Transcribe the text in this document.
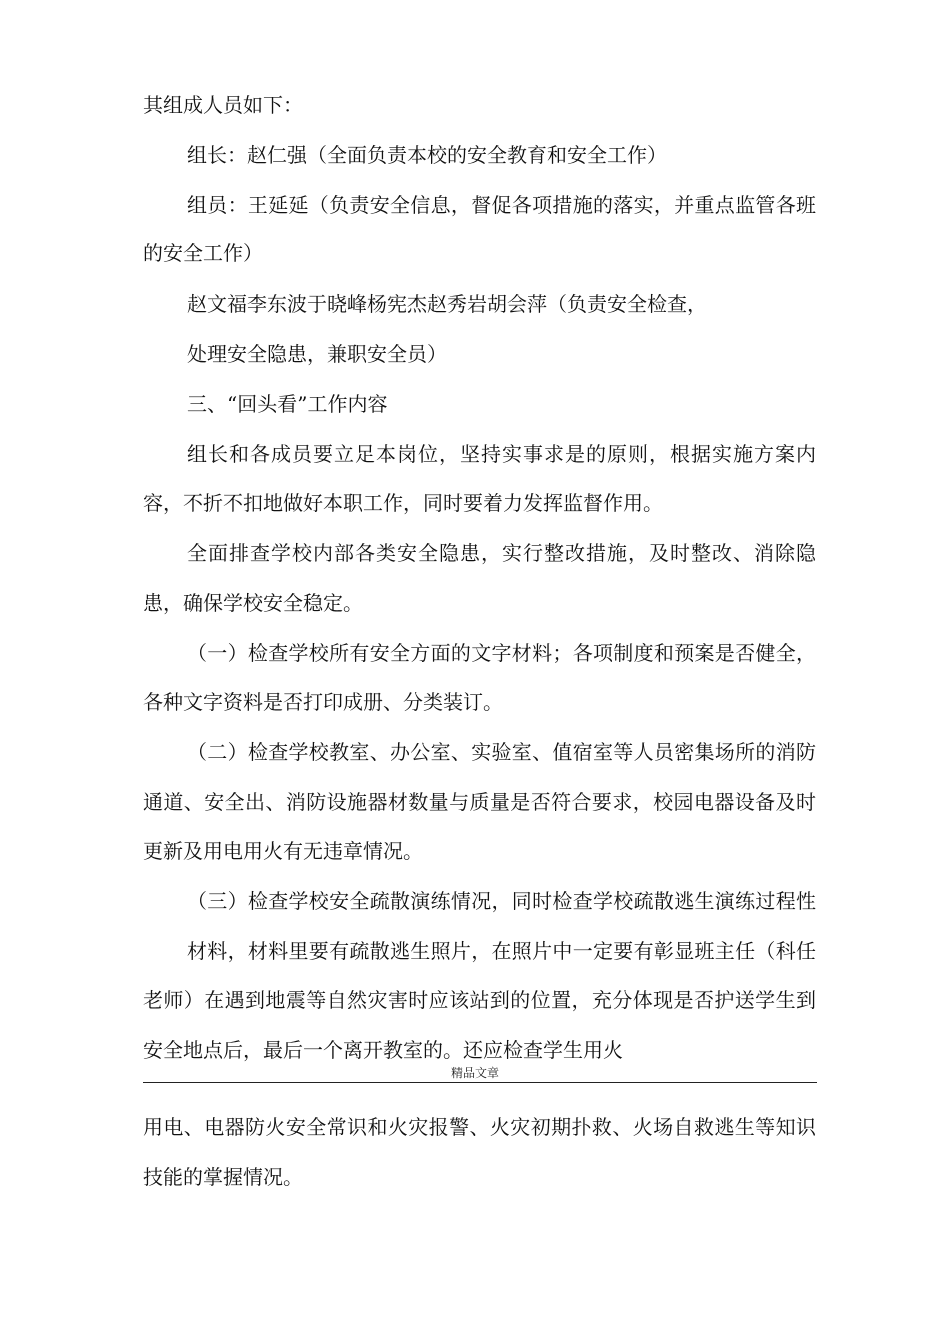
其组成人员如下：
组长：赵仁强（全面负责本校的安全教育和安全工作）
组员：王延延（负责安全信息，督促各项措施的落实，并重点监管各班
的安全工作）
赵文福李东波于晓峰杨宪杰赵秀岩胡会萍（负责安全检查，
处理安全隐患，兼职安全员）
三、“回头看”工作内容
组长和各成员要立足本岗位，坚持实事求是的原则，根据实施方案内
容，不折不扣地做好本职工作，同时要着力发挥监督作用。
全面排查学校内部各类安全隐患，实行整改措施，及时整改、消除隐
患，确保学校安全稳定。
（一）检查学校所有安全方面的文字材料；各项制度和预案是否健全，
各种文字资料是否打印成册、分类装订。
（二）检查学校教室、办公室、实验室、值宿室等人员密集场所的消防
通道、安全出、消防设施器材数量与质量是否符合要求，校园电器设备及时
更新及用电用火有无违章情况。
（三）检查学校安全疏散演练情况，同时检查学校疏散逃生演练过程性
材料，材料里要有疏散逃生照片，在照片中一定要有彰显班主任（科任
老师）在遇到地震等自然灾害时应该站到的位置，充分体现是否护送学生到
安全地点后，最后一个离开教室的。还应检查学生用火
精品文章
用电、电器防火安全常识和火灾报警、火灾初期扑救、火场自救逃生等知识
技能的掌握情况。
